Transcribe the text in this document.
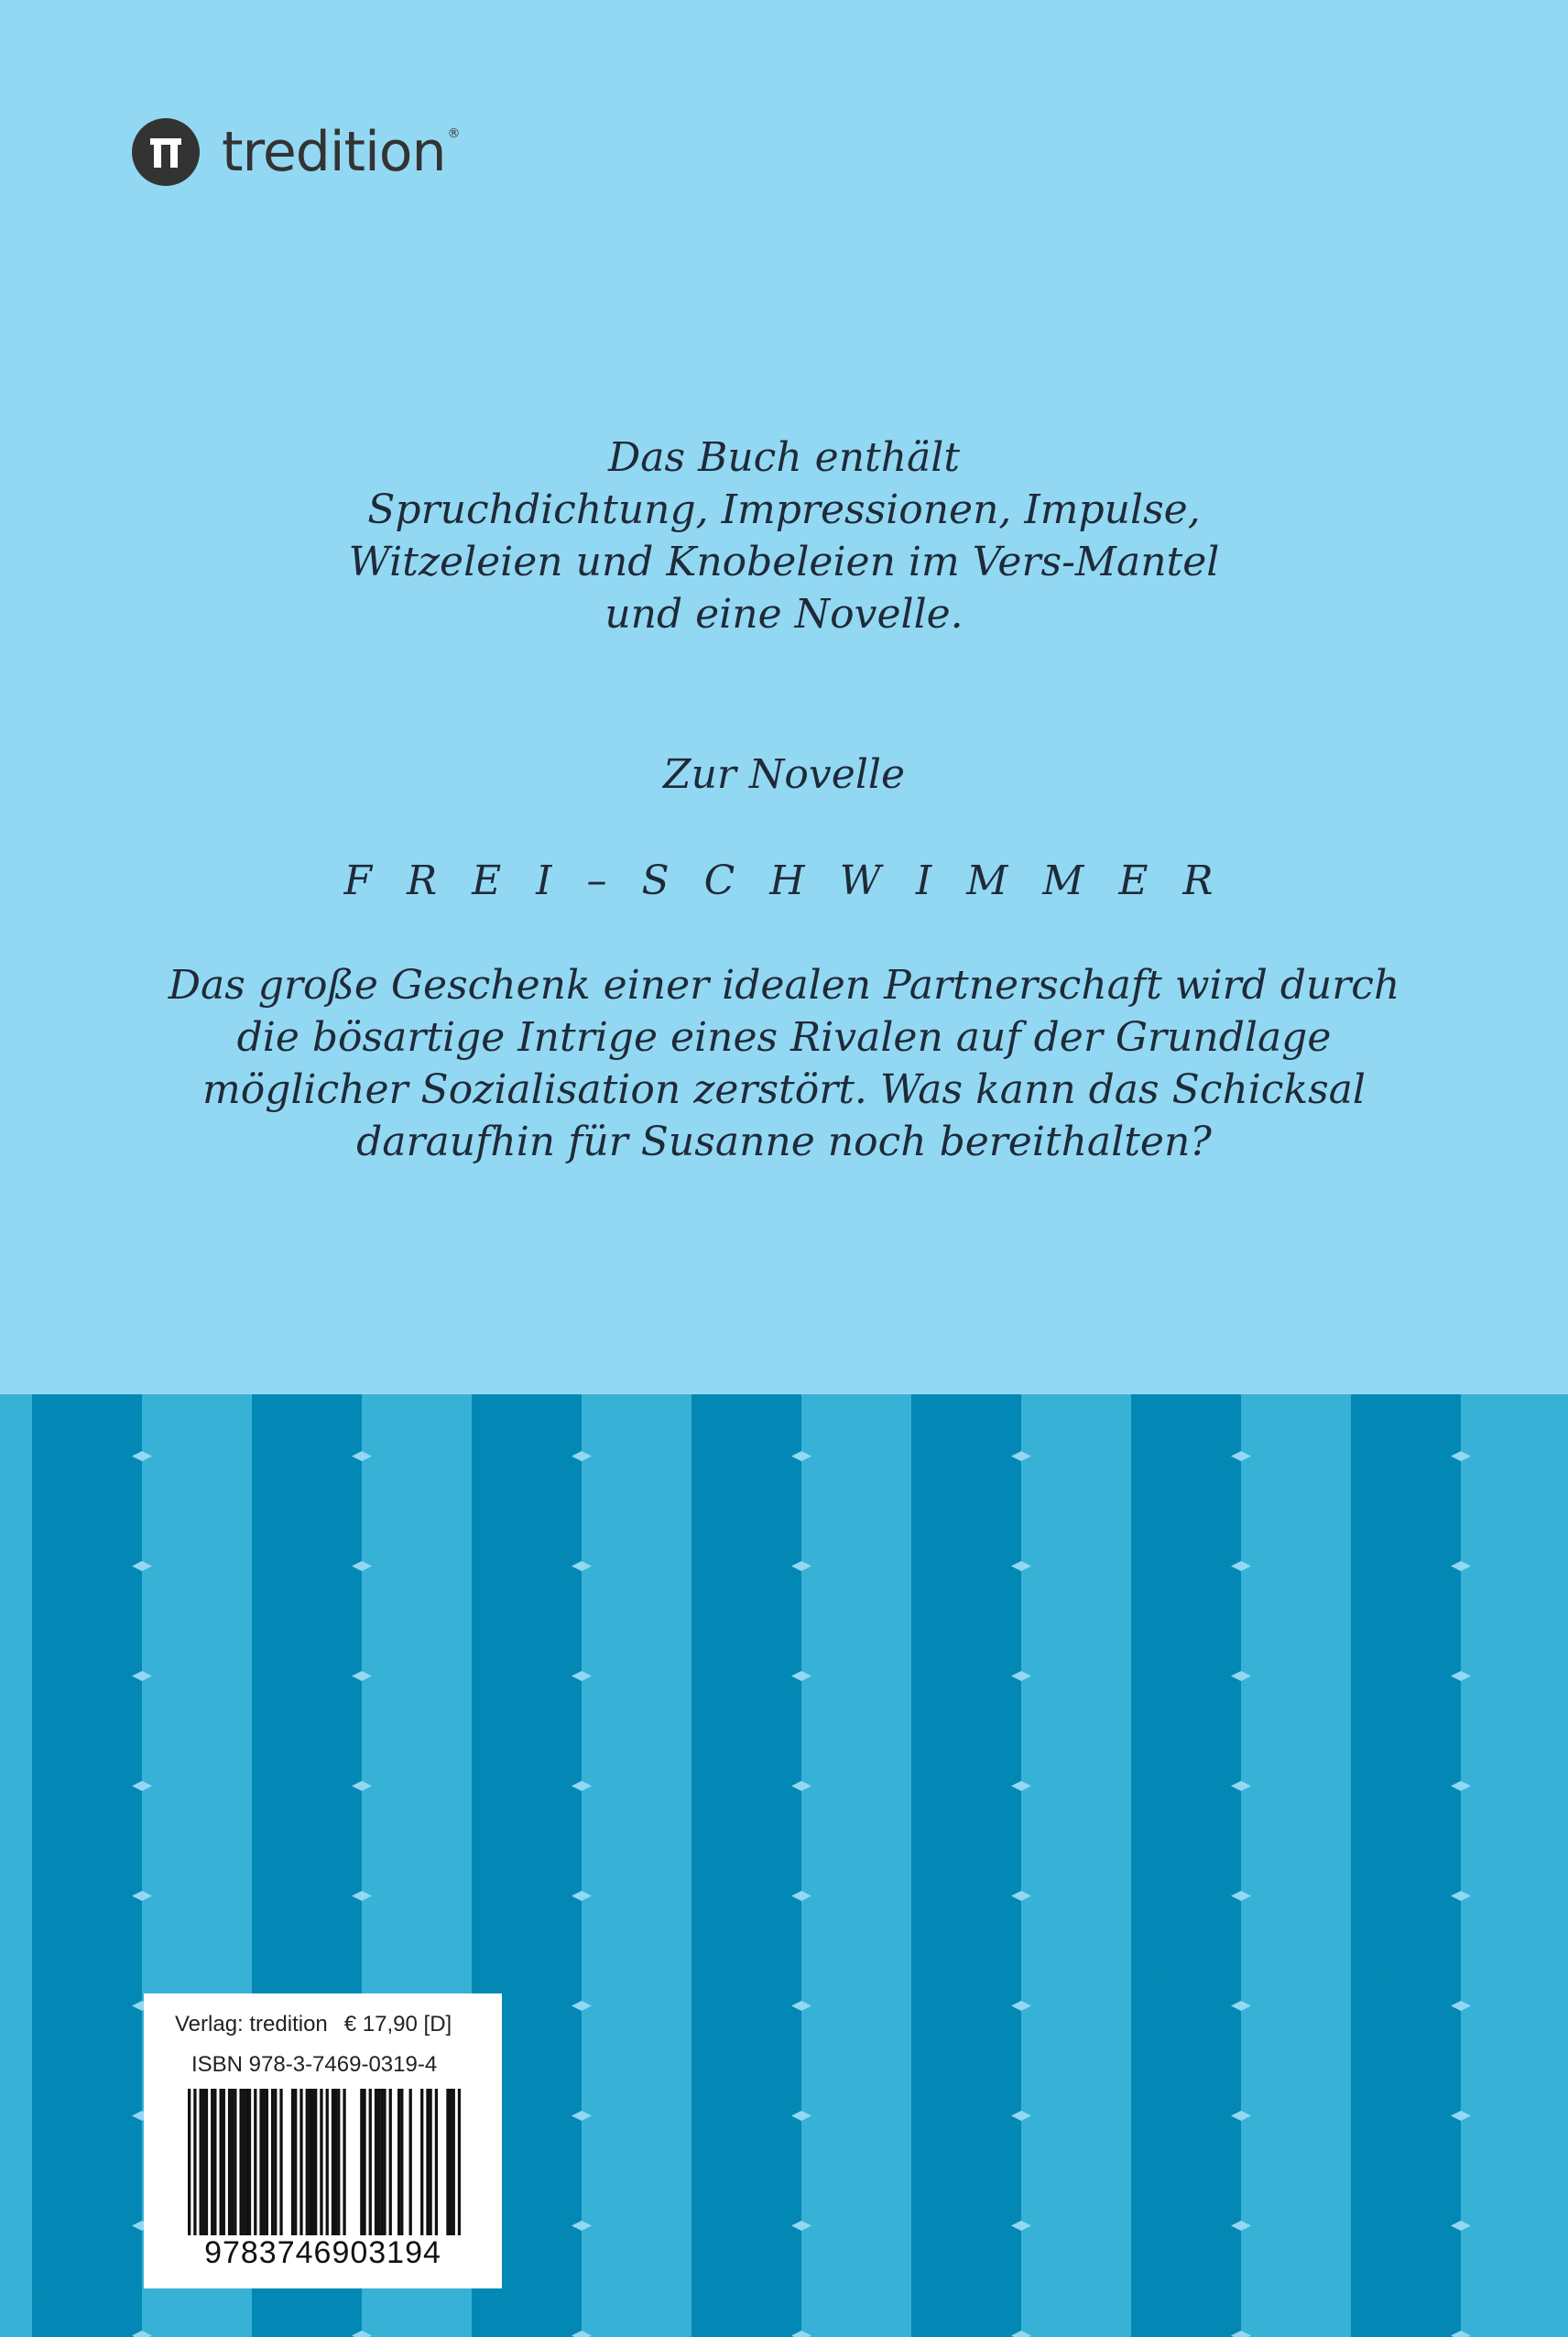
tredition ®
Das Buch enthält
Spruchdichtung, Impressionen, Impulse,
Witzeleien und Knobeleien im Vers-Mantel
und eine Novelle.
Zur Novelle
F R E I – S C H W I M M E R
Das große Geschenk einer idealen Partnerschaft wird durch
die bösartige Intrige eines Rivalen auf der Grundlage
möglicher Sozialisation zerstört. Was kann das Schicksal
daraufhin für Susanne noch bereithalten?
Verlag: tredition € 17,90 [D]
ISBN 978-3-7469-0319-4
9783746903194
